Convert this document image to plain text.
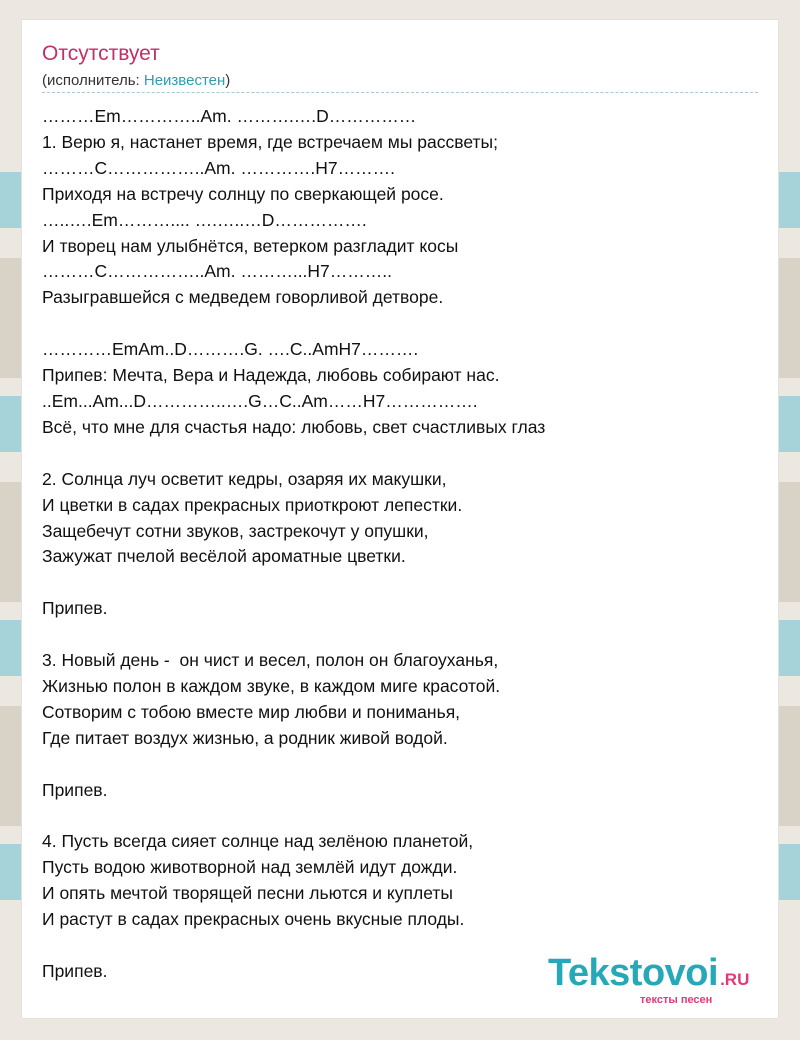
Отсутствует
(исполнитель: Неизвестен)
………Em…………..Am. ……….….D……………
1. Верю я, настанет время, где встречаем мы рассветы;
………C……………..Am. ………….H7……….
Приходя на встречу солнцу по сверкающей росе.
…..….Em……….... ….…..…D…………….
И творец нам улыбнётся, ветерком разгладит косы
………C……………..Am. ………...H7………..
Разыгравшейся с медведем говорливой детворе.

…………EmAm..D……….G. ….C..AmH7……….
Припев: Мечта, Вера и Надежда, любовь собирают нас.
..Em...Am...D…………..….G…C..Am……H7…………….
Всё, что мне для счастья надо: любовь, свет счастливых глаз

2. Солнца луч осветит кедры, озаряя их макушки,
И цветки в садах прекрасных приоткроют лепестки.
Защебечут сотни звуков, застрекочут у опушки,
Зажужат пчелой весёлой ароматные цветки.

Припев.

3. Новый день -  он чист и весел, полон он благоуханья,
Жизнью полон в каждом звуке, в каждом миге красотой.
Сотворим с тобою вместе мир любви и пониманья,
Где питает воздух жизнью, а родник живой водой.

Припев.

4. Пусть всегда сияет солнце над зелёною планетой,
Пусть водою животворной над землёй идут дожди.
И опять мечтой творящей песни льются и куплеты
И растут в садах прекрасных очень вкусные плоды.

Припев.	Tekstovoi .RU
тексты песен
